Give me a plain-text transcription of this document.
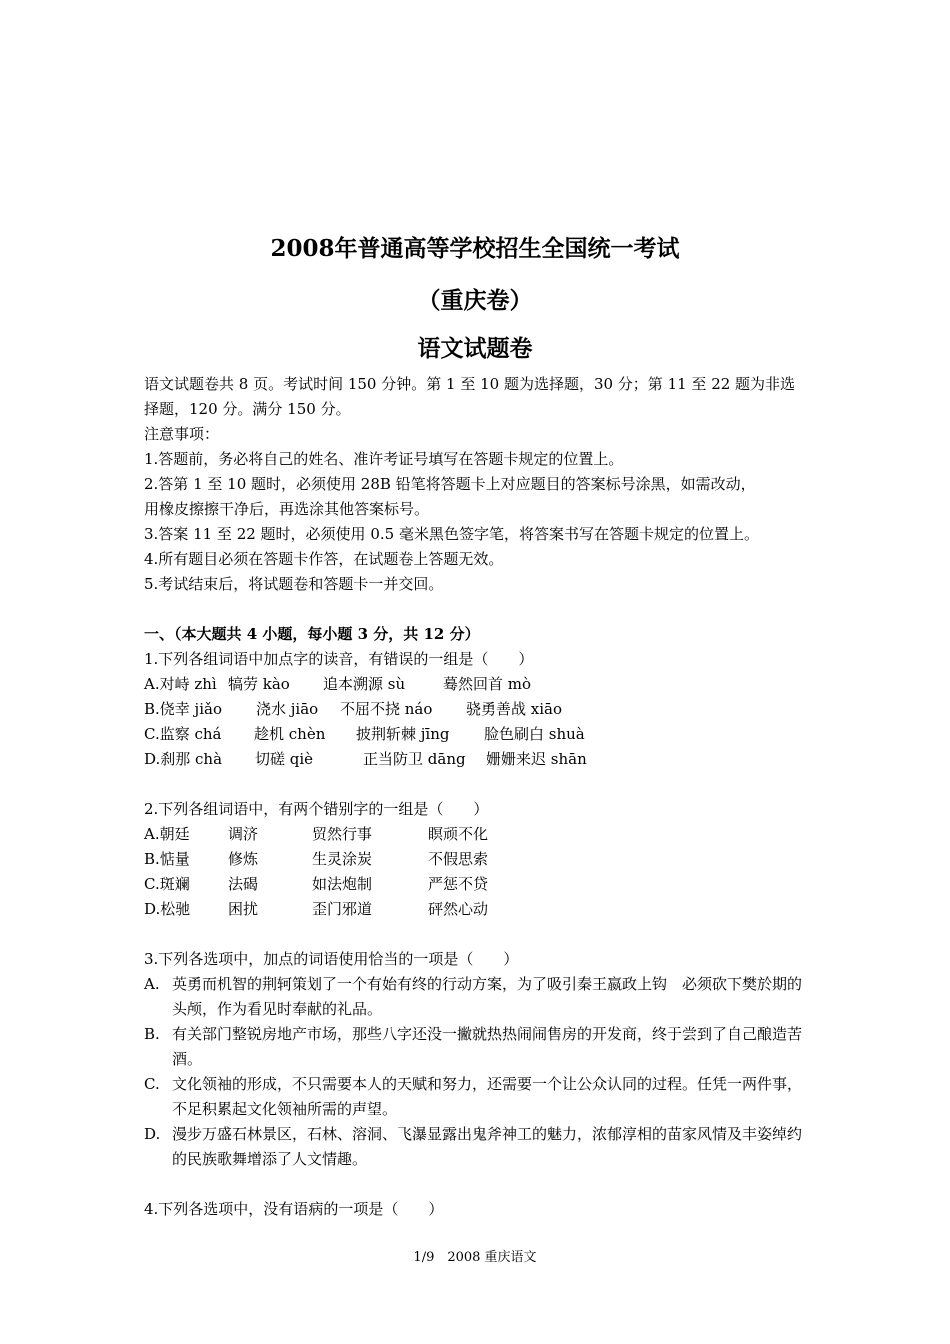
2008年普通高等学校招生全国统一考试
（重庆卷）
语文试题卷
语文试题卷共 8 页。考试时间 150 分钟。第 1 至 10 题为选择题，30 分；第 11 至 22 题为非选
择题，120 分。满分 150 分。
注意事项：
1.答题前，务必将自己的姓名、准许考证号填写在答题卡规定的位置上。
2.答第 1 至 10 题时，必须使用 28B 铅笔将答题卡上对应题目的答案标号涂黑，如需改动，
用橡皮擦擦干净后，再选涂其他答案标号。
3.答案 11 至 22 题时，必须使用 0.5 毫米黑色签字笔，将答案书写在答题卡规定的位置上。
4.所有题目必须在答题卡作答，在试题卷上答题无效。
5.考试结束后，将试题卷和答题卡一并交回。
一、（本大题共 4 小题，每小题 3 分，共 12 分）
1.下列各组词语中加点字的读音，有错误的一组是（　　）
A.对峙 zhì 犒劳 kào	追本溯源 sù	蓦然回首 mò
B.侥幸 jiǎo	浇水 jiāo	不屈不挠 náo	骁勇善战 xiāo
C.监察 chá	趁机 chèn	披荆斩棘 jīng	脸色刷白 shuà
D.刹那 chà	切磋 qiè	正当防卫 dāng	姗姗来迟 shān
2.下列各组词语中，有两个错别字的一组是（　　）
A.朝廷	调济	贸然行事	瞑顽不化
B.惦量	修炼	生灵涂炭	不假思索
C.斑斓	法碣	如法炮制	严惩不贷
D.松驰	困扰	歪门邪道	砰然心动
3.下列各选项中，加点的词语使用恰当的一项是（　　）
A. 英勇而机智的荆轲策划了一个有始有终的行动方案，为了吸引秦王嬴政上钩　必须砍下樊於期的头颅，作为看见时奉献的礼品。
B. 有关部门整锐房地产市场，那些八字还没一撇就热热闹闹售房的开发商，终于尝到了自己酿造苦酒。
C. 文化领袖的形成，不只需要本人的天赋和努力，还需要一个让公众认同的过程。任凭一两件事，不足积累起文化领袖所需的声望。
D. 漫步万盛石林景区，石林、溶洞、飞瀑显露出鬼斧神工的魅力，浓郁淳相的苗家风情及丰姿绰约的民族歌舞增添了人文情趣。
4.下列各选项中，没有语病的一项是（　　）
1/9　2008 重庆语文
